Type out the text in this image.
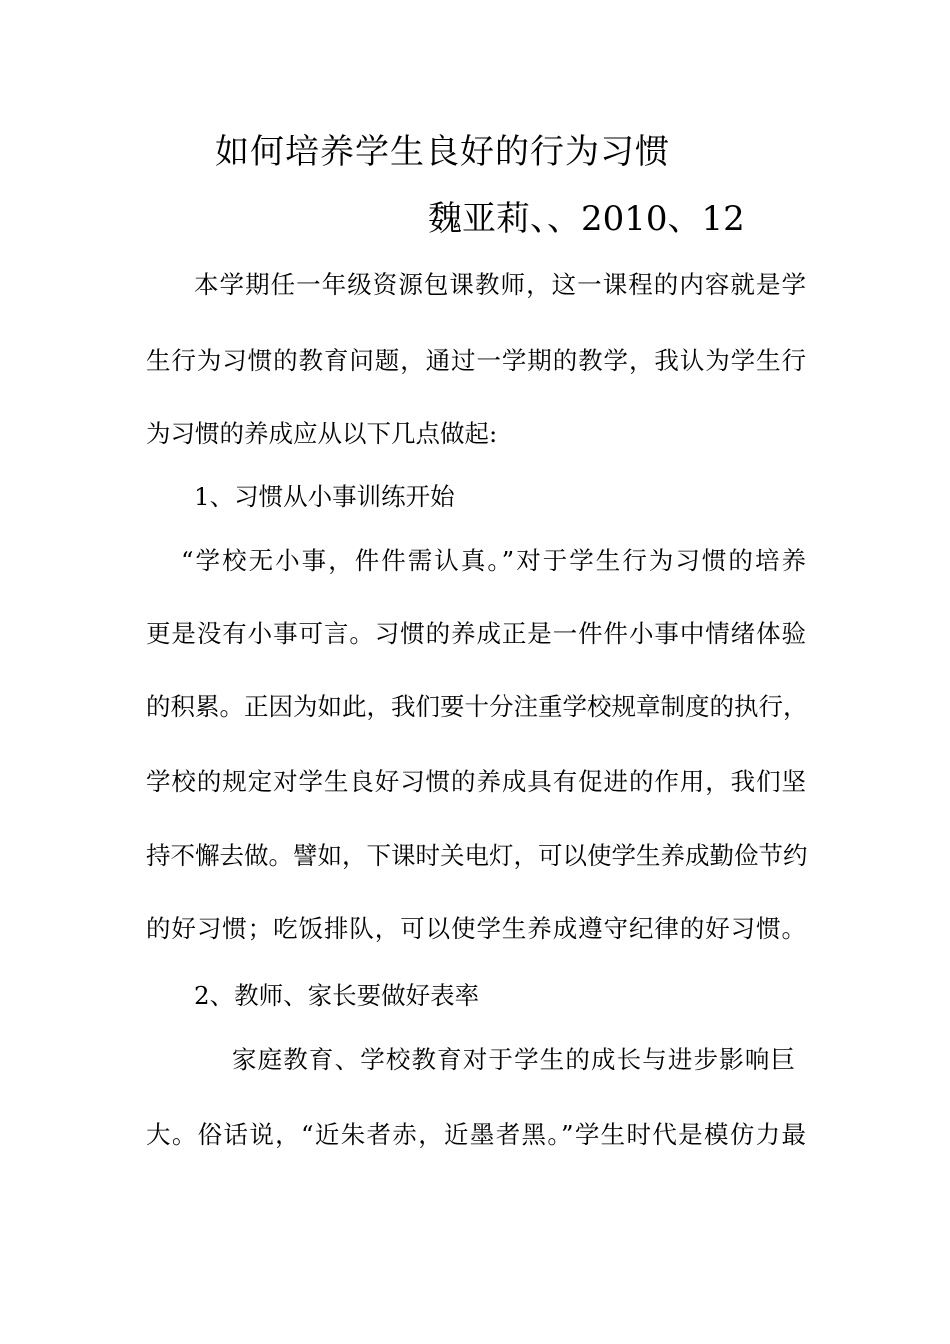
如何培养学生良好的行为习惯
魏亚莉、、2010、12
本学期任一年级资源包课教师，这一课程的内容就是学
生行为习惯的教育问题，通过一学期的教学，我认为学生行
为习惯的养成应从以下几点做起:
1、习惯从小事训练开始
“学校无小事，件件需认真。”对于学生行为习惯的培养
更是没有小事可言。习惯的养成正是一件件小事中情绪体验
的积累。正因为如此，我们要十分注重学校规章制度的执行，
学校的规定对学生良好习惯的养成具有促进的作用，我们坚
持不懈去做。譬如，下课时关电灯，可以使学生养成勤俭节约
的好习惯；吃饭排队，可以使学生养成遵守纪律的好习惯。
2、教师、家长要做好表率
家庭教育、学校教育对于学生的成长与进步影响巨
大。俗话说，“近朱者赤，近墨者黑。”学生时代是模仿力最
